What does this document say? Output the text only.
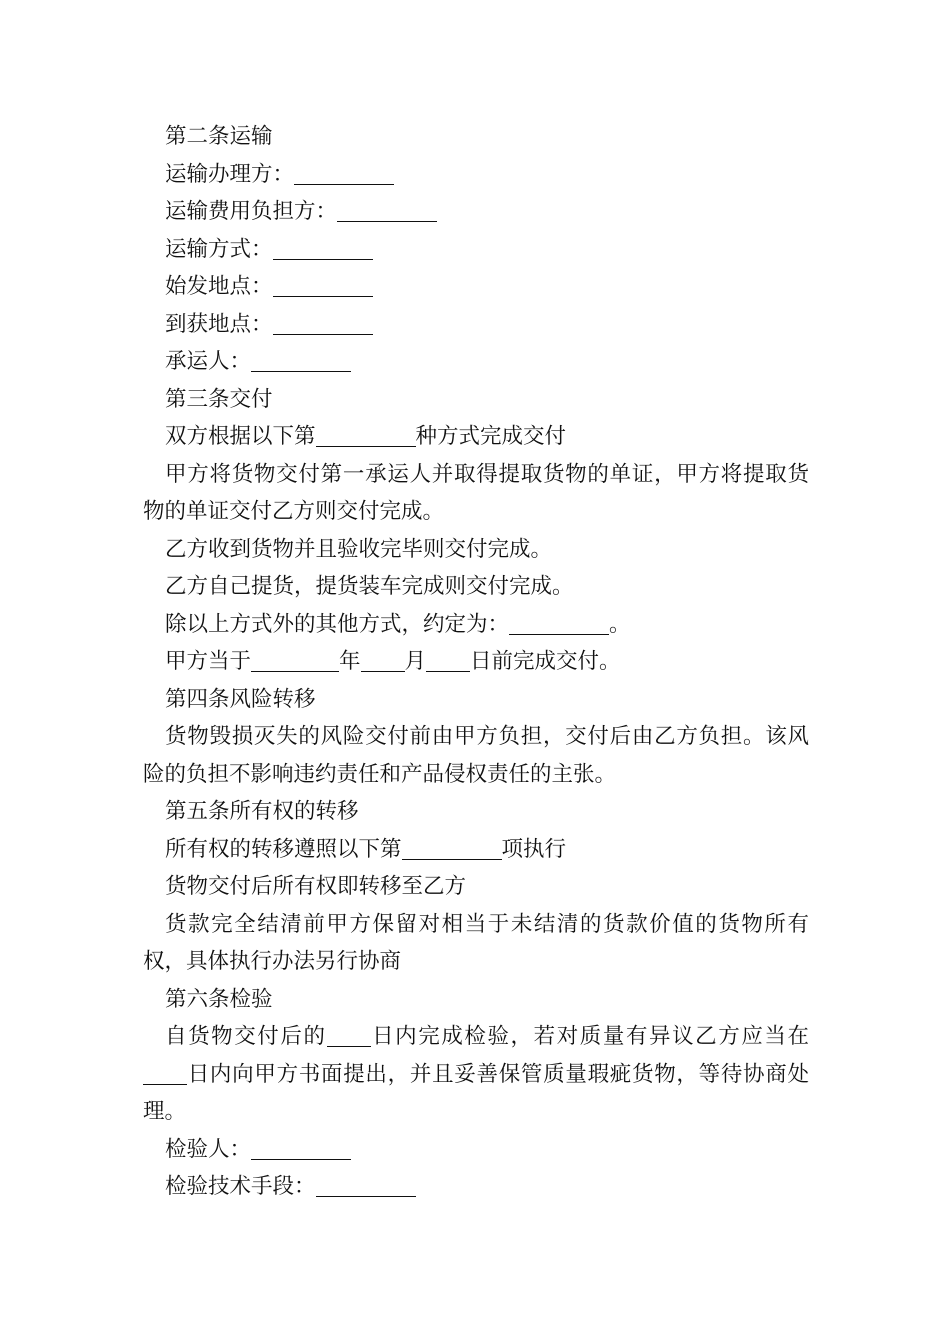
第二条运输
运输办理方：
运输费用负担方：
运输方式：
始发地点：
到获地点：
承运人：
第三条交付
双方根据以下第	种方式完成交付
甲方将货物交付第一承运人并取得提取货物的单证，甲方将提取货物的单证交付乙方则交付完成。
乙方收到货物并且验收完毕则交付完成。
乙方自己提货，提货装车完成则交付完成。
除以上方式外的其他方式，约定为：	。
甲方当于	年 月 日前完成交付。
第四条风险转移
货物毁损灭失的风险交付前由甲方负担，交付后由乙方负担。该风险的负担不影响违约责任和产品侵权责任的主张。
第五条所有权的转移
所有权的转移遵照以下第	项执行
货物交付后所有权即转移至乙方
货款完全结清前甲方保留对相当于未结清的货款价值的货物所有权，具体执行办法另行协商
第六条检验
自货物交付后的 日内完成检验，若对质量有异议乙方应当在日内向甲方书面提出，并且妥善保管质量瑕疵货物，等待协商处理。
检验人：
检验技术手段：
